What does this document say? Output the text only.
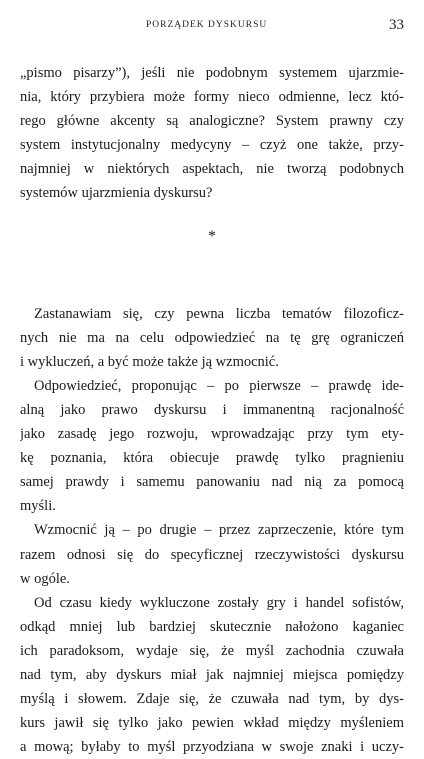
PORZĄDEK DYSKURSU	33

„pismo pisarzy”), jeśli nie podobnym systemem ujarzmie-
nia, który przybiera może formy nieco odmienne, lecz któ-
rego główne akcenty są analogiczne? System prawny czy
system instytucjonalny medycyny – czyż one także, przy-
najmniej w niektórych aspektach, nie tworzą podobnych
systemów ujarzmienia dyskursu?

Zastanawiam się, czy pewna liczba tematów filozoficz-
nych nie ma na celu odpowiedzieć na tę grę ograniczeń
i wykluczeń, a być może także ją wzmocnić.

Odpowiedzieć, proponując – po pierwsze – prawdę ide-
alną jako prawo dyskursu i immanentną racjonalność
jako zasadę jego rozwoju, wprowadzając przy tym ety-
kę poznania, która obiecuje prawdę tylko pragnieniu
samej prawdy i samemu panowaniu nad nią za pomocą
myśli.

Wzmocnić ją – po drugie – przez zaprzeczenie, które tym
razem odnosi się do specyficznej rzeczywistości dyskursu
w ogóle.

Od czasu kiedy wykluczone zostały gry i handel sofistów,
odkąd mniej lub bardziej skutecznie nałożono kaganiec
ich paradoksom, wydaje się, że myśl zachodnia czuwała
nad tym, aby dyskurs miał jak najmniej miejsca pomiędzy
myślą i słowem. Zdaje się, że czuwała nad tym, by dys-
kurs jawił się tylko jako pewien wkład między myśleniem
a mową; byłaby to myśl przyodziana w swoje znaki i uczy-

*
